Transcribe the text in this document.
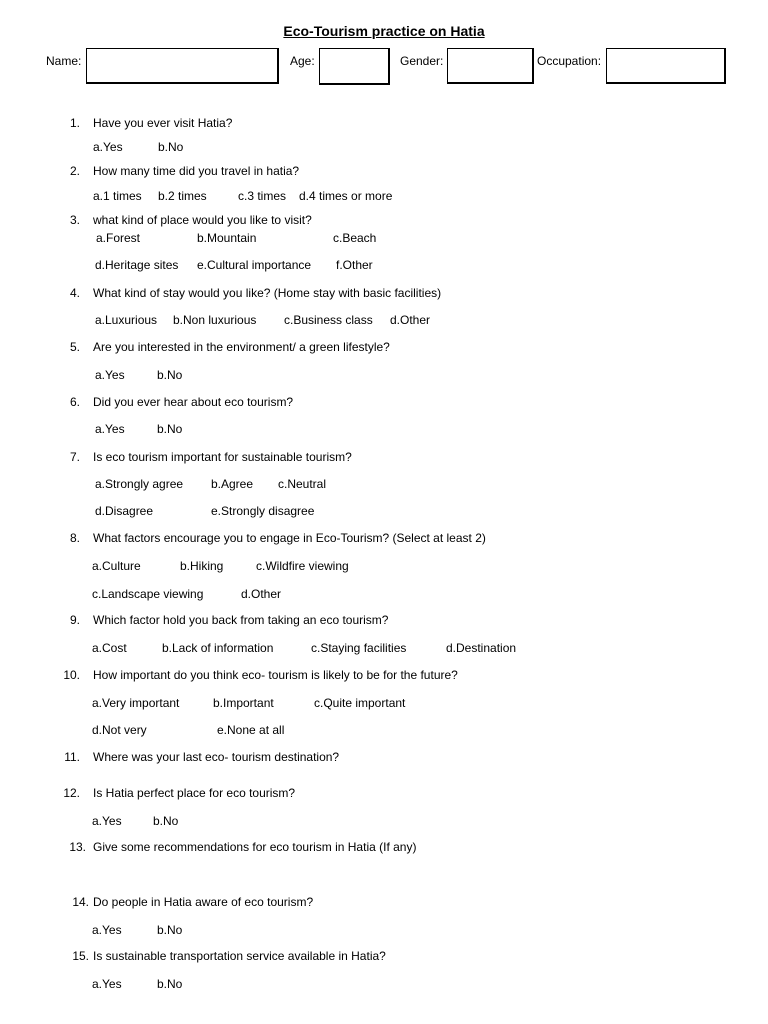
Eco-Tourism practice on Hatia
Name:	Age:	Gender:	Occupation:
1. Have you ever visit Hatia?
a.Yes	b.No
2. How many time did you travel in hatia?
a.1 times b.2 times	c.3 times d.4 times or more
3. what kind of place would you like to visit?
a.Forest	b.Mountain	c.Beach
d.Heritage sites e.Cultural importance f.Other
4. What kind of stay would you like? (Home stay with basic facilities)
a.Luxurious b.Non luxurious c.Business class d.Other
5. Are you interested in the environment/ a green lifestyle?
a.Yes	b.No
6. Did you ever hear about eco tourism?
a.Yes	b.No
7. Is eco tourism important for sustainable tourism?
a.Strongly agree b.Agree c.Neutral
d.Disagree	e.Strongly disagree
8. What factors encourage you to engage in Eco-Tourism? (Select at least 2)
a.Culture	b.Hiking	c.Wildfire viewing
c.Landscape viewing	d.Other
9. Which factor hold you back from taking an eco tourism?
a.Cost	b.Lack of information	c.Staying facilities	d.Destination
10. How important do you think eco- tourism is likely to be for the future?
a.Very important	b.Important	c.Quite important
d.Not very	e.None at all
11. Where was your last eco- tourism destination?
12. Is Hatia perfect place for eco tourism?
a.Yes	b.No
13. Give some recommendations for eco tourism in Hatia (If any)
14. Do people in Hatia aware of eco tourism?
a.Yes	b.No
15. Is sustainable transportation service available in Hatia?
a.Yes	b.No
